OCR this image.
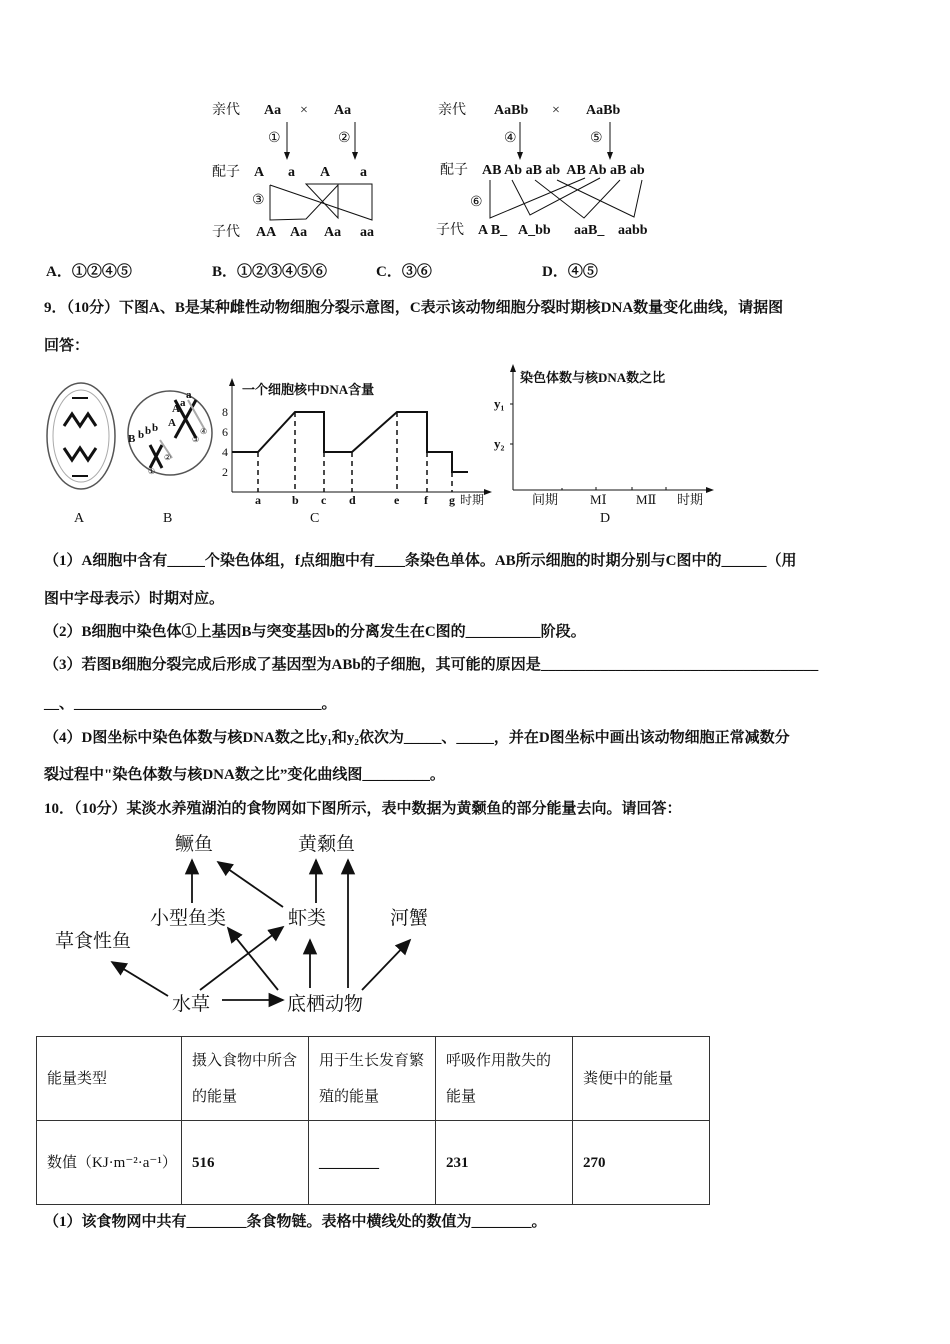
亲代 Aa × Aa
①	②
配子 A a A a
③
子代 AA Aa Aa aa
亲代 AaBb × AaBb
④	⑤
配子 AB Ab aB ab  AB Ab aB ab
⑥
子代 A B_ A_bb aaB_ aabb
A．①②④⑤	B．①②③④⑤⑥	C．③⑥	D．④⑤
9．（10分）下图A、B是某种雌性动物细胞分裂示意图，C表示该动物细胞分裂时期核DNA数量变化曲线，请据图
回答：
A
A
A
a
a
B b b b
①
②
③
④
B
一个细胞核中DNA含量
2
4
6
8
a	b c d	e f g 时期
C
染色体数与核DNA数之比
y₁
y₂
间期 MⅠ MⅡ 时期
D
（1）A细胞中含有_____个染色体组，f点细胞中有____条染色单体。AB所示细胞的时期分别与C图中的______（用
图中字母表示）时期对应。
（2）B细胞中染色体①上基因B与突变基因b的分离发生在C图的__________阶段。
（3）若图B细胞分裂完成后形成了基因型为ABb的子细胞，其可能的原因是_____________________________________
__、_________________________________。
（4）D图坐标中染色体数与核DNA数之比y₁和y₂依次为_____、_____，并在D图坐标中画出该动物细胞正常减数分
裂过程中"染色体数与核DNA数之比”变化曲线图_________。
10．（10分）某淡水养殖湖泊的食物网如下图所示，表中数据为黄颡鱼的部分能量去向。请回答：
鳜鱼	黄颡鱼
小型鱼类	虾类	河蟹
草食性鱼
水草	底栖动物
能量类型	摄入食物中所含的能量	用于生长发育繁殖的能量	呼吸作用散失的能量	粪便中的能量
数值（KJ·m⁻²·a⁻¹）	516	________	231	270
（1）该食物网中共有________条食物链。表格中横线处的数值为________。
